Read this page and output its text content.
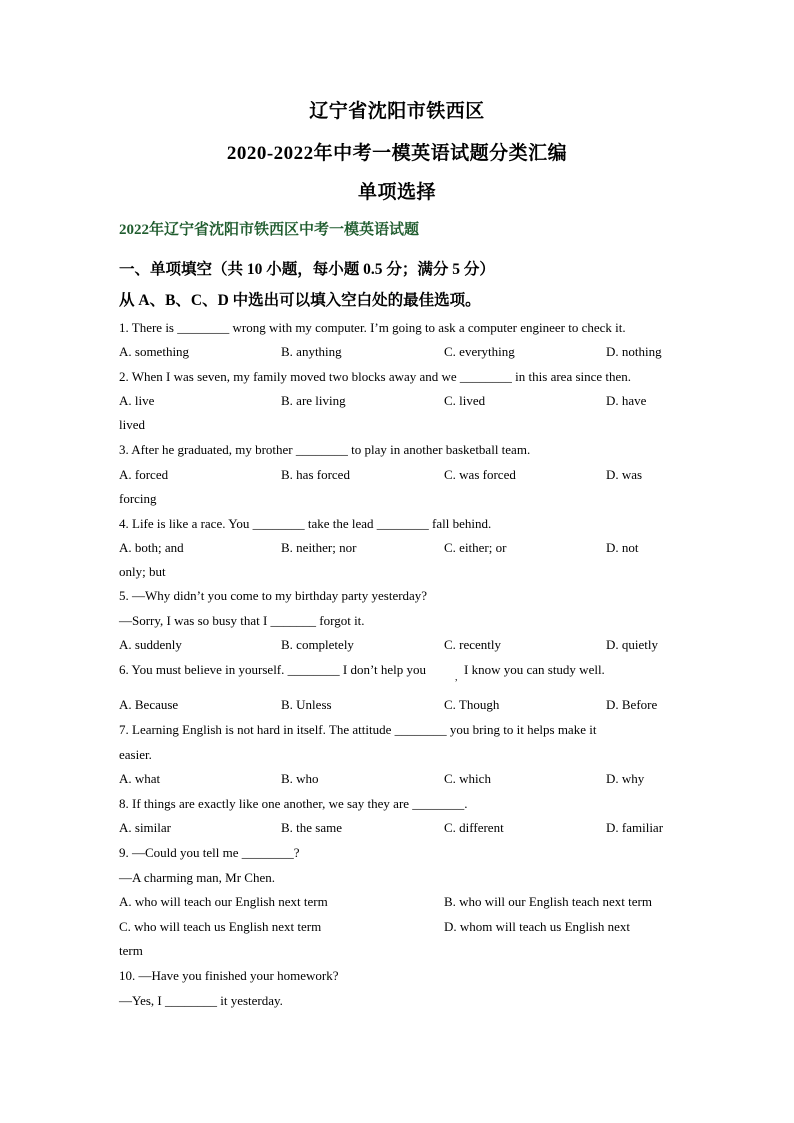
辽宁省沈阳市铁西区
2020-2022年中考一模英语试题分类汇编
单项选择
2022年辽宁省沈阳市铁西区中考一模英语试题
一、单项填空（共 10 小题，每小题 0.5 分；满分 5 分）
从 A、B、C、D 中选出可以填入空白处的最佳选项。
1. There is ________ wrong with my computer. I’m going to ask a computer engineer to check it.
A. something	B. anything	C. everything	D. nothing
2. When I was seven, my family moved two blocks away and we ________ in this area since then.
A. live	B. are living	C. lived	D. have
lived
3. After he graduated, my brother ________ to play in another basketball team.
A. forced	B. has forced	C. was forced	D. was
forcing
4. Life is like a race. You ________ take the lead ________ fall behind.
A. both; and	B. neither; nor	C. either; or	D. not
only; but
5. —Why didn’t you come to my birthday party yesterday?
—Sorry, I was so busy that I _______ forgot it.
A. suddenly	B. completely	C. recently	D. quietly
6. You must believe in yourself. ________ I don’t help you
,
I know you can study well.
A. Because	B. Unless	C. Though	D. Before
7. Learning English is not hard in itself. The attitude ________ you bring to it helps make it
easier.
A. what	B. who	C. which	D. why
8. If things are exactly like one another, we say they are ________.
A. similar	B. the same	C. different	D. familiar
9. —Could you tell me ________?
—A charming man, Mr Chen.
A. who will teach our English next term	B. who will our English teach next term
C. who will teach us English next term	D. whom will teach us English next
term
10. —Have you finished your homework?
—Yes, I ________ it yesterday.
